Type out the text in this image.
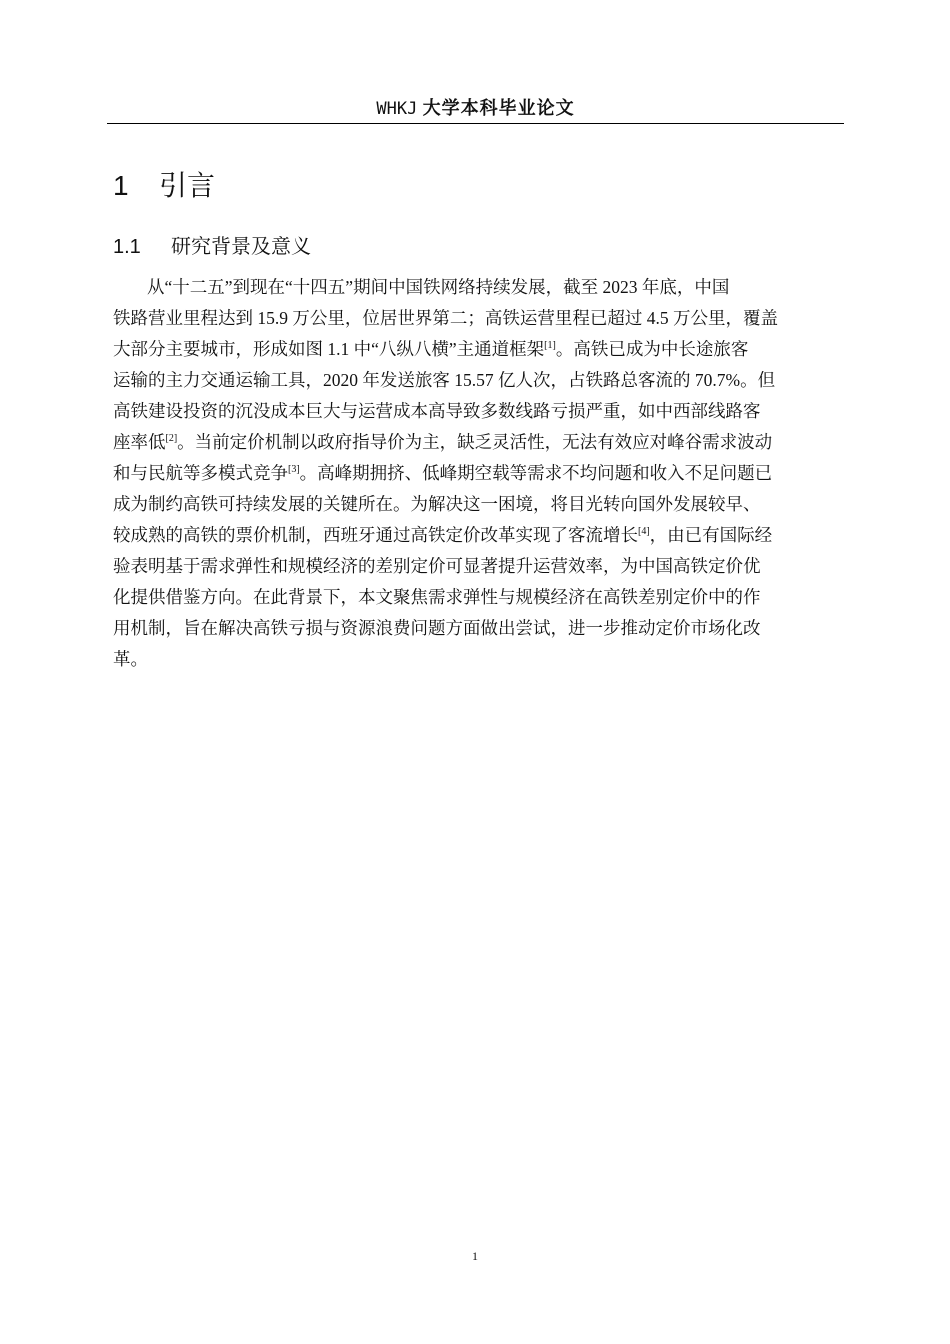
WHKJ 大学本科毕业论文
1 引言
1.1 研究背景及意义
从“十二五”到现在“十四五”期间中国铁网络持续发展，截至 2023 年底，中国
铁路营业里程达到 15.9 万公里，位居世界第二；高铁运营里程已超过 4.5 万公里，覆盖
大部分主要城市，形成如图 1.1 中“八纵八横”主通道框架[1]。高铁已成为中长途旅客
运输的主力交通运输工具，2020 年发送旅客 15.57 亿人次，占铁路总客流的 70.7%。但
高铁建设投资的沉没成本巨大与运营成本高导致多数线路亏损严重，如中西部线路客
座率低[2]。当前定价机制以政府指导价为主，缺乏灵活性，无法有效应对峰谷需求波动
和与民航等多模式竞争[3]。高峰期拥挤、低峰期空载等需求不均问题和收入不足问题已
成为制约高铁可持续发展的关键所在。为解决这一困境，将目光转向国外发展较早、
较成熟的高铁的票价机制，西班牙通过高铁定价改革实现了客流增长[4]，由已有国际经
验表明基于需求弹性和规模经济的差别定价可显著提升运营效率，为中国高铁定价优
化提供借鉴方向。在此背景下，本文聚焦需求弹性与规模经济在高铁差别定价中的作
用机制，旨在解决高铁亏损与资源浪费问题方面做出尝试，进一步推动定价市场化改
革。
1
